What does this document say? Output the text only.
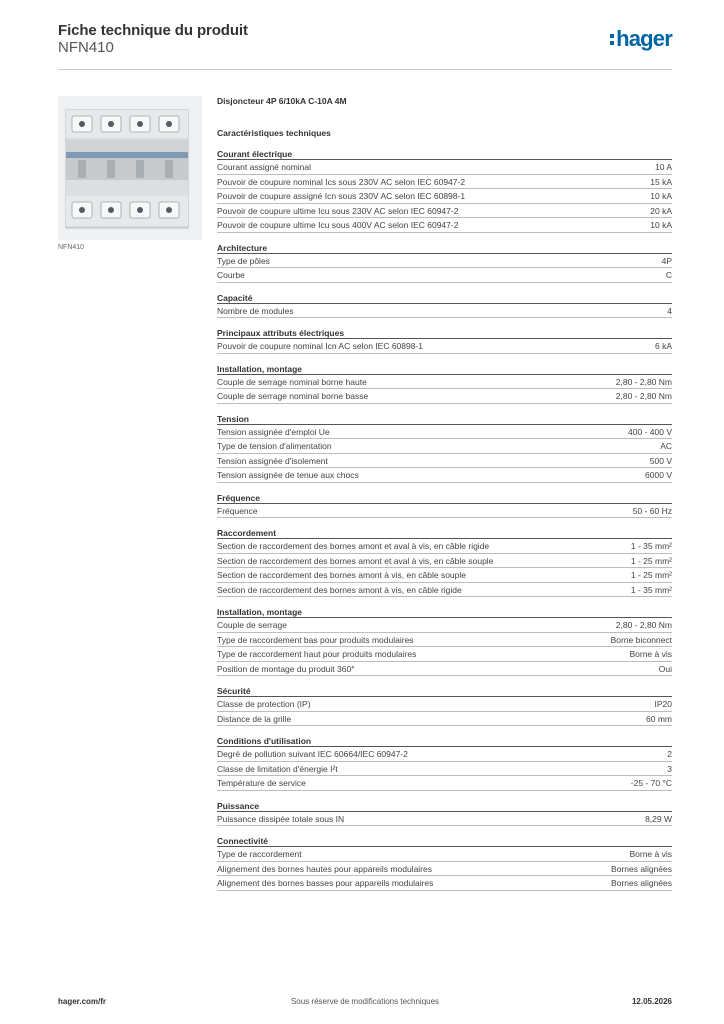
Fiche technique du produit
NFN410	hager
NFN410
Disjoncteur 4P 6/10kA C-10A 4M
Caractéristiques techniques
Courant électrique
Courant assigné nominal	10 A
Pouvoir de coupure nominal Ics sous 230V AC selon IEC 60947-2	15 kA
Pouvoir de coupure assigné Icn sous 230V AC selon IEC 60898-1	10 kA
Pouvoir de coupure ultime Icu sous 230V AC selon IEC 60947-2	20 kA
Pouvoir de coupure ultime Icu sous 400V AC selon IEC 60947-2	10 kA
Architecture
Type de pôles	4P
Courbe	C
Capacité
Nombre de modules	4
Principaux attributs électriques
Pouvoir de coupure nominal Icn AC selon IEC 60898-1	6 kA
Installation, montage
Couple de serrage nominal borne haute	2,80 - 2,80 Nm
Couple de serrage nominal borne basse	2,80 - 2,80 Nm
Tension
Tension assignée d'emploi Ue	400 - 400 V
Type de tension d'alimentation	AC
Tension assignée d'isolement	500 V
Tension assignée de tenue aux chocs	6000 V
Fréquence
Fréquence	50 - 60 Hz
Raccordement
Section de raccordement des bornes amont et aval à vis, en câble rigide	1 - 35 mm²
Section de raccordement des bornes amont et aval à vis, en câble souple	1 - 25 mm²
Section de raccordement des bornes amont à vis, en câble souple	1 - 25 mm²
Section de raccordement des bornes amont à vis, en câble rigide	1 - 35 mm²
Installation, montage
Couple de serrage	2,80 - 2,80 Nm
Type de raccordement bas pour produits modulaires	Borne biconnect
Type de raccordement haut pour produits modulaires	Borne à vis
Position de montage du produit 360°	Oui
Sécurité
Classe de protection (IP)	IP20
Distance de la grille	60 mm
Conditions d'utilisation
Degré de pollution suivant IEC 60664/IEC 60947-2	2
Classe de limitation d'énergie I²t	3
Température de service	-25 - 70 °C
Puissance
Puissance dissipée totale sous IN	8,29 W
Connectivité
Type de raccordement	Borne à vis
Alignement des bornes hautes pour appareils modulaires	Bornes alignées
Alignement des bornes basses pour appareils modulaires	Bornes alignées
hager.com/fr	Sous réserve de modifications techniques	12.05.2026
